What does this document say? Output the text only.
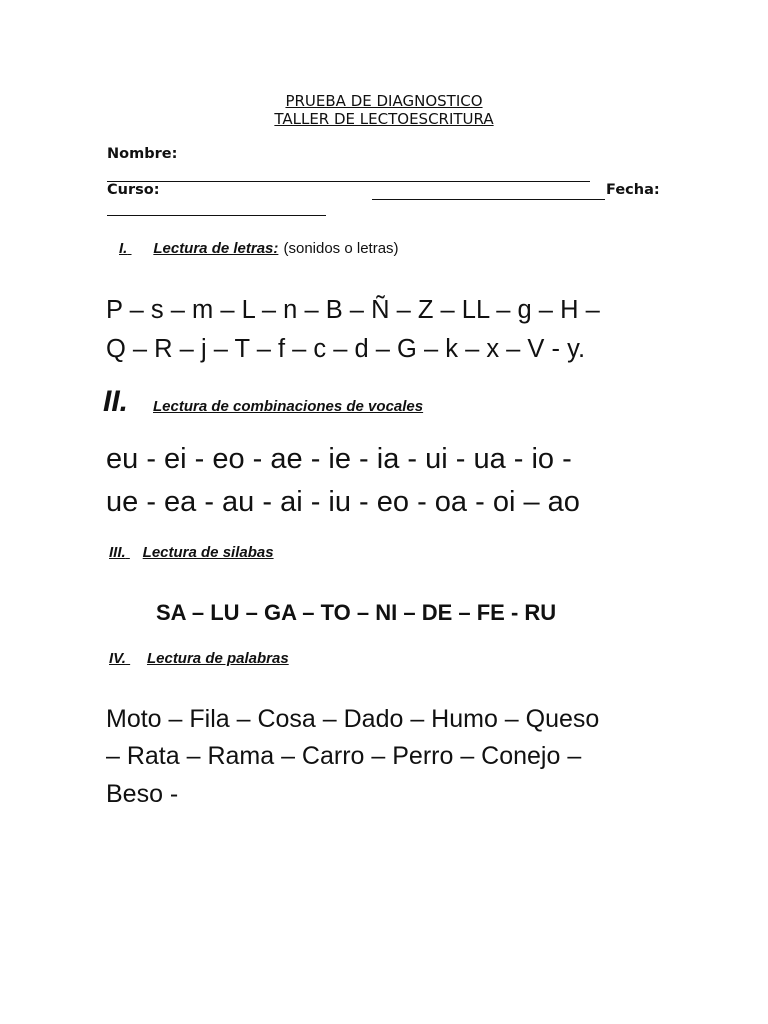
PRUEBA DE DIAGNOSTICO
TALLER DE LECTOESCRITURA
Nombre:
Curso:	Fecha:
I. Lectura de letras: (sonidos o letras)
P – s – m – L – n – B – Ñ – Z – LL – g – H –
Q – R – j – T – f – c – d – G – k – x – V - y.
II. Lectura de combinaciones de vocales
eu - ei - eo - ae - ie - ia - ui - ua - io -
ue - ea - au - ai - iu - eo - oa - oi – ao
III. Lectura de silabas
SA – LU – GA – TO – NI – DE – FE - RU
IV. Lectura de palabras
Moto – Fila – Cosa – Dado – Humo – Queso
– Rata – Rama – Carro – Perro – Conejo –
Beso -
